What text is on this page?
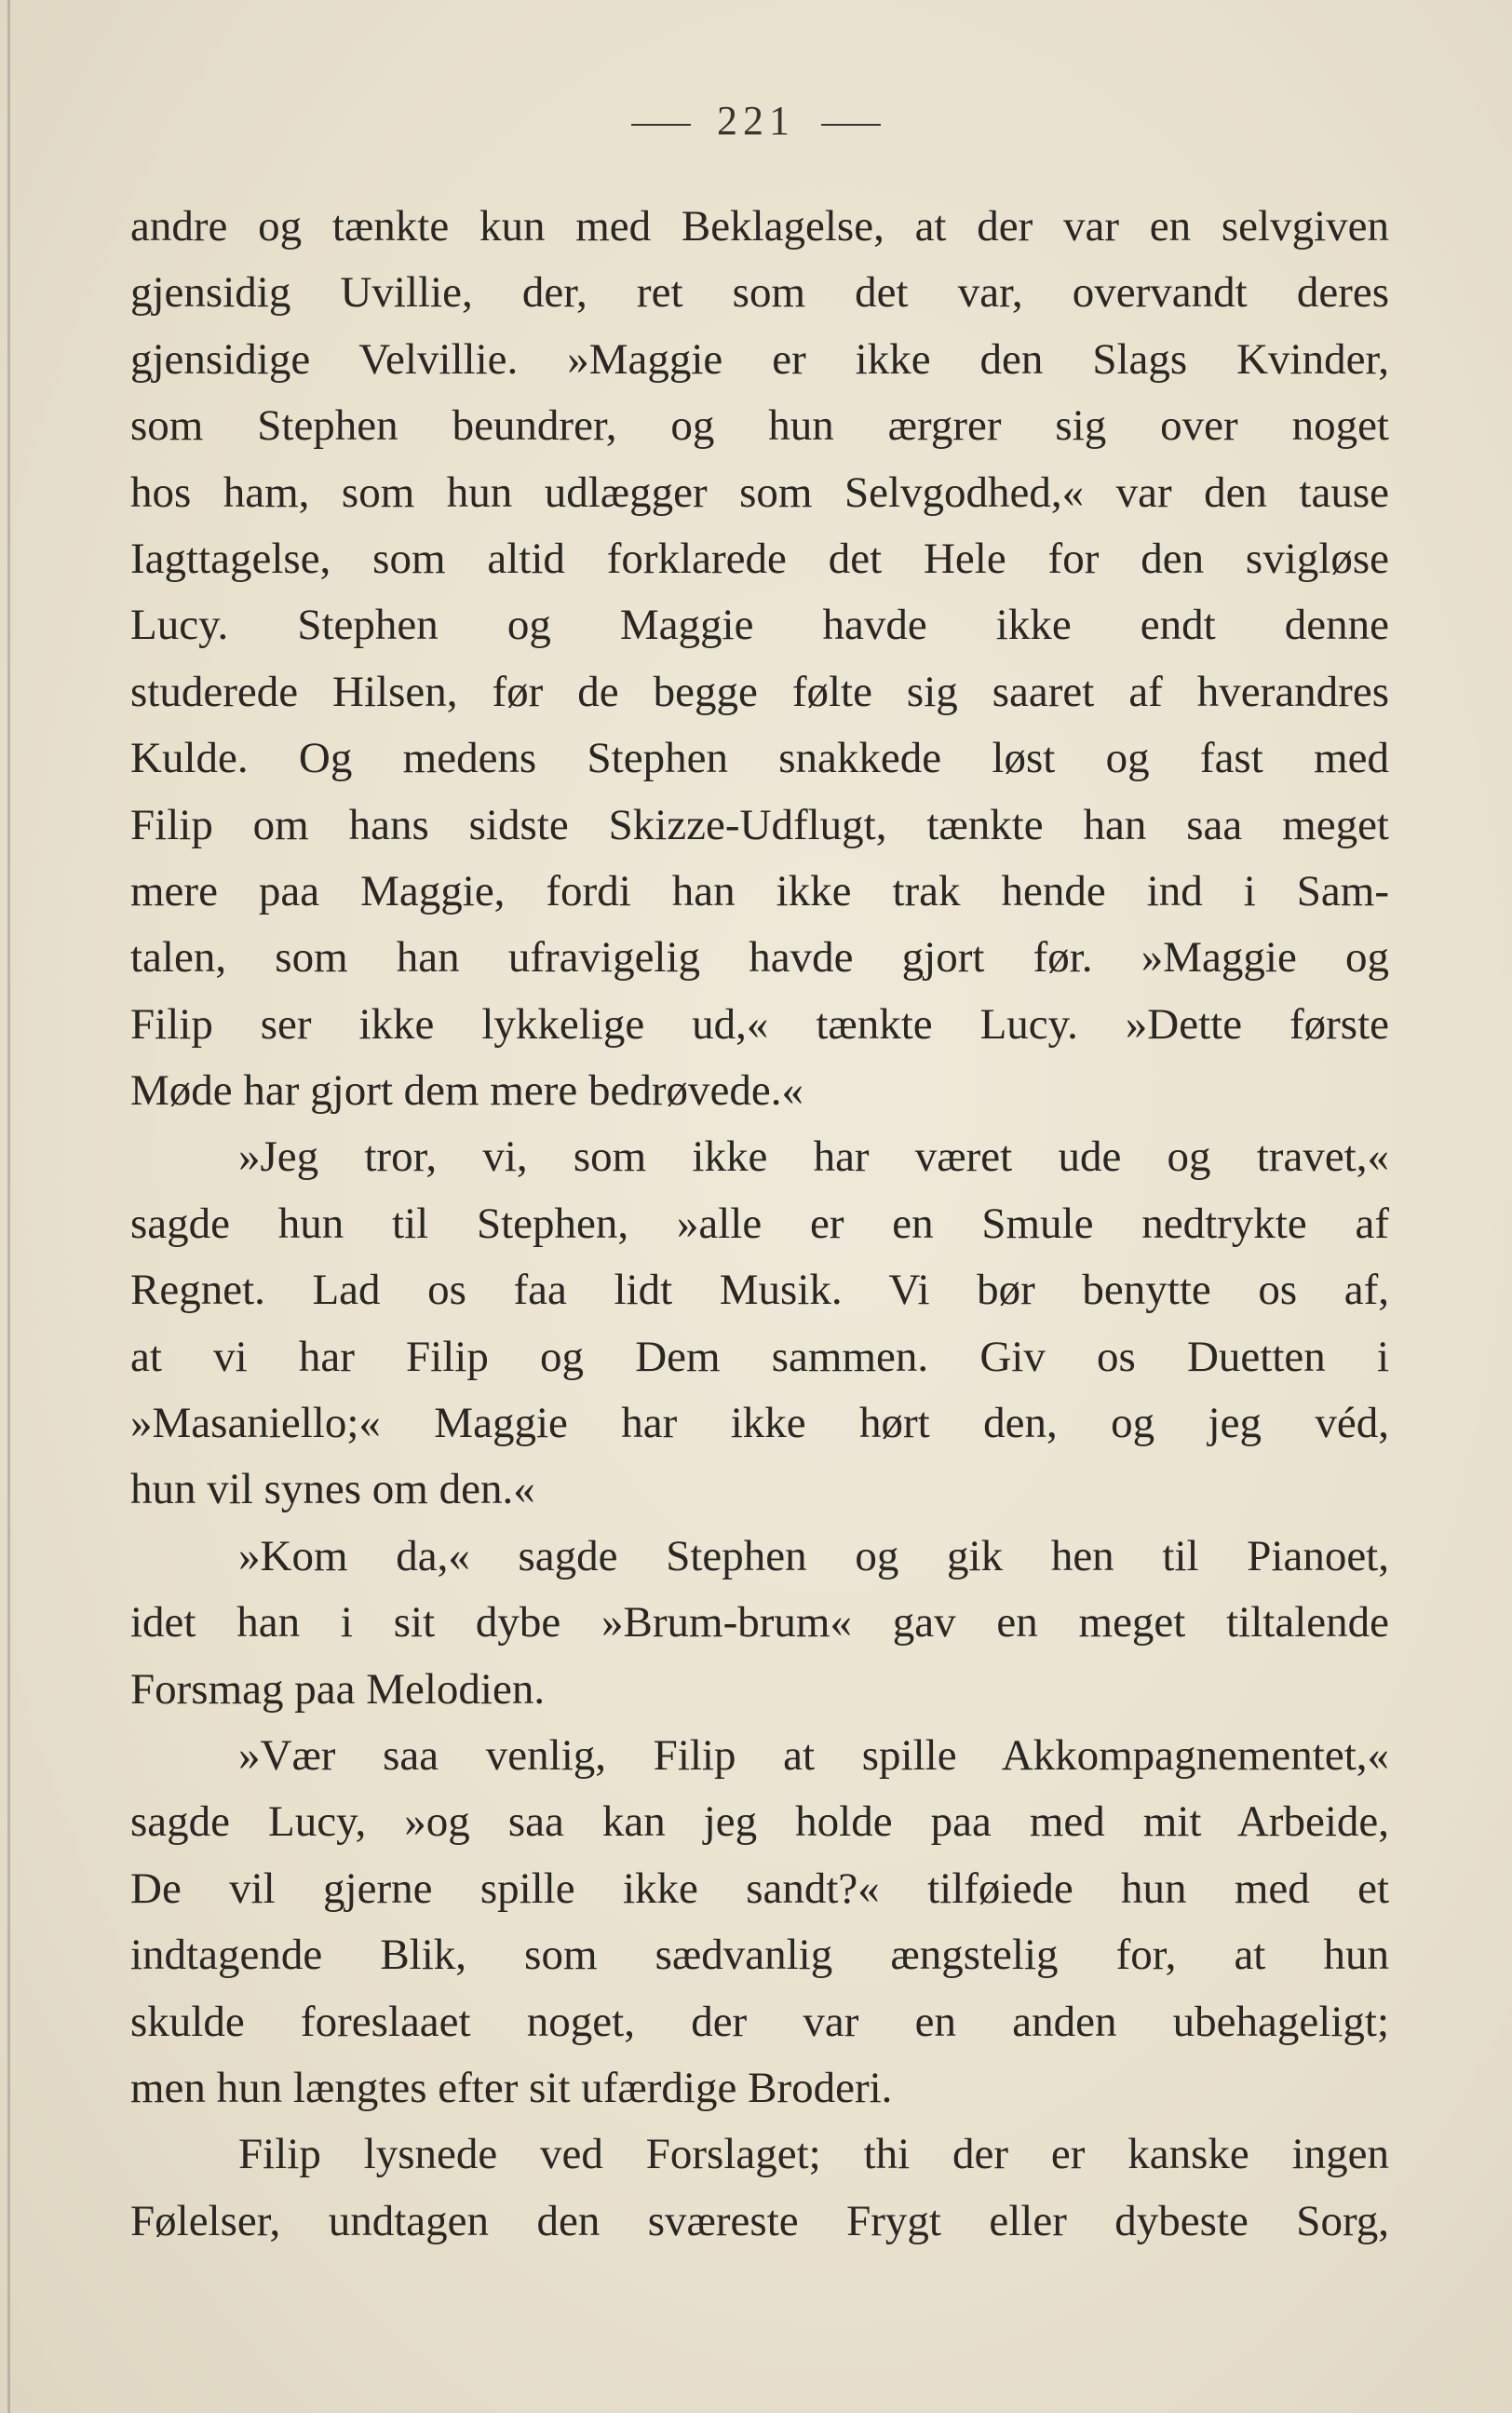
221
andre og tænkte kun med Beklagelse, at der var en selvgiven
gjensidig Uvillie, der, ret som det var, overvandt deres
gjensidige Velvillie. »Maggie er ikke den Slags Kvinder,
som Stephen beundrer, og hun ærgrer sig over noget
hos ham, som hun udlægger som Selvgodhed,« var den tause
Iagttagelse, som altid forklarede det Hele for den svigløse
Lucy. Stephen og Maggie havde ikke endt denne
studerede Hilsen, før de begge følte sig saaret af hverandres
Kulde. Og medens Stephen snakkede løst og fast med
Filip om hans sidste Skizze-Udflugt, tænkte han saa meget
mere paa Maggie, fordi han ikke trak hende ind i Sam-
talen, som han ufravigelig havde gjort før. »Maggie og
Filip ser ikke lykkelige ud,« tænkte Lucy. »Dette første
Møde har gjort dem mere bedrøvede.«
»Jeg tror, vi, som ikke har været ude og travet,«
sagde hun til Stephen, »alle er en Smule nedtrykte af
Regnet. Lad os faa lidt Musik. Vi bør benytte os af,
at vi har Filip og Dem sammen. Giv os Duetten i
»Masaniello;« Maggie har ikke hørt den, og jeg véd,
hun vil synes om den.«
»Kom da,« sagde Stephen og gik hen til Pianoet,
idet han i sit dybe »Brum-brum« gav en meget tiltalende
Forsmag paa Melodien.
»Vær saa venlig, Filip at spille Akkompagnementet,«
sagde Lucy, »og saa kan jeg holde paa med mit Arbeide,
De vil gjerne spille ikke sandt?« tilføiede hun med et
indtagende Blik, som sædvanlig ængstelig for, at hun
skulde foreslaaet noget, der var en anden ubehageligt;
men hun længtes efter sit ufærdige Broderi.
Filip lysnede ved Forslaget; thi der er kanske ingen
Følelser, undtagen den sværeste Frygt eller dybeste Sorg,
